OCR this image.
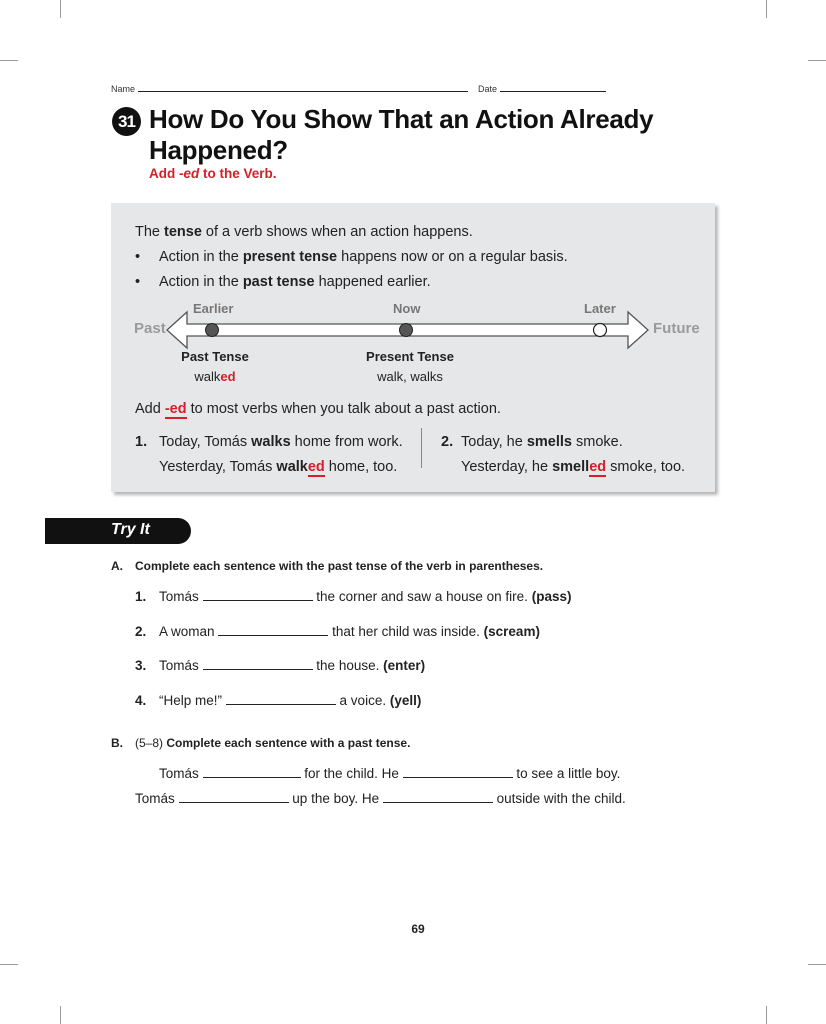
Name	Date
31 How Do You Show That an Action Already
Happened?
Add -ed to the Verb.
The tense of a verb shows when an action happens.
• Action in the present tense happens now or on a regular basis.
• Action in the past tense happened earlier.
Past	Future
Earlier	Now	Later
Past Tense
walked
Present Tense
walk, walks
Add -ed to most verbs when you talk about a past action.
1. Today, Tomás walks home from work.
Yesterday, Tomás walked home, too.
2. Today, he smells smoke.
Yesterday, he smelled smoke, too.
Try It
A. Complete each sentence with the past tense of the verb in parentheses.
1. Tomás	the corner and saw a house on fire. (pass)
2. A woman	that her child was inside. (scream)
3. Tomás	the house. (enter)
4. “Help me!”	a voice. (yell)
B. (5–8) Complete each sentence with a past tense.
Tomás	for the child. He	to see a little boy.
Tomás	up the boy. He	outside with the child.
69
